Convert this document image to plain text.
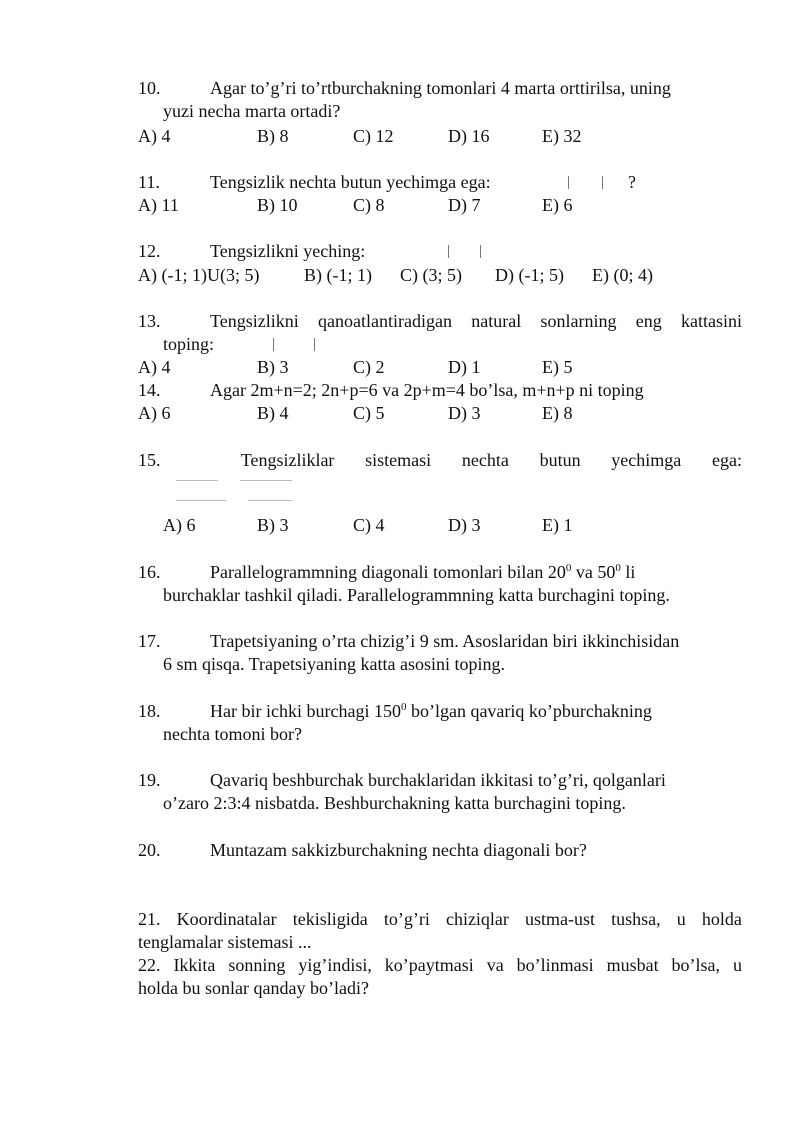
10.	Agar to’g’ri to’rtburchakning tomonlari 4 marta orttirilsa, uning
yuzi necha marta ortadi?
A) 4	B) 8	C) 12	D) 16	E) 32
11.	Tengsizlik nechta butun yechimga ega:	?
A) 11	B) 10	C) 8	D) 7	E) 6
12.	Tengsizlikni yeching:
A) (-1; 1)U(3; 5) B) (-1; 1) C) (3; 5) D) (-1; 5) E) (0; 4)
13.	Tengsizlikni qanoatlantiradigan natural sonlarning eng kattasini
toping:
A) 4	B) 3	C) 2	D) 1	E) 5
14.	Agar 2m+n=2; 2n+p=6 va 2p+m=4 bo’lsa, m+n+p ni toping
A) 6	B) 4	C) 5	D) 3	E) 8
15.	Tengsizliklar sistemasi nechta butun yechimga ega:
A) 6	B) 3	C) 4	D) 3	E) 1
16.	Parallelogrammning diagonali tomonlari bilan $20^0$ va $50^0$ li
burchaklar tashkil qiladi. Parallelogrammning katta burchagini toping.
17.	Trapetsiyaning o’rta chizig’i 9 sm. Asoslaridan biri ikkinchisidan
6 sm qisqa. Trapetsiyaning katta asosini toping.
18.	Har bir ichki burchagi $150^0$ bo’lgan qavariq ko’pburchakning
nechta tomoni bor?
19.	Qavariq beshburchak burchaklaridan ikkitasi to’g’ri, qolganlari
o’zaro 2:3:4 nisbatda. Beshburchakning katta burchagini toping.
20.	Muntazam sakkizburchakning nechta diagonali bor?
21. Koordinatalar tekisligida to’g’ri chiziqlar ustma-ust tushsa, u holda
tenglamalar sistemasi ...
22. Ikkita sonning yig’indisi, ko’paytmasi va bo’linmasi musbat bo’lsa, u
holda bu sonlar qanday bo’ladi?
